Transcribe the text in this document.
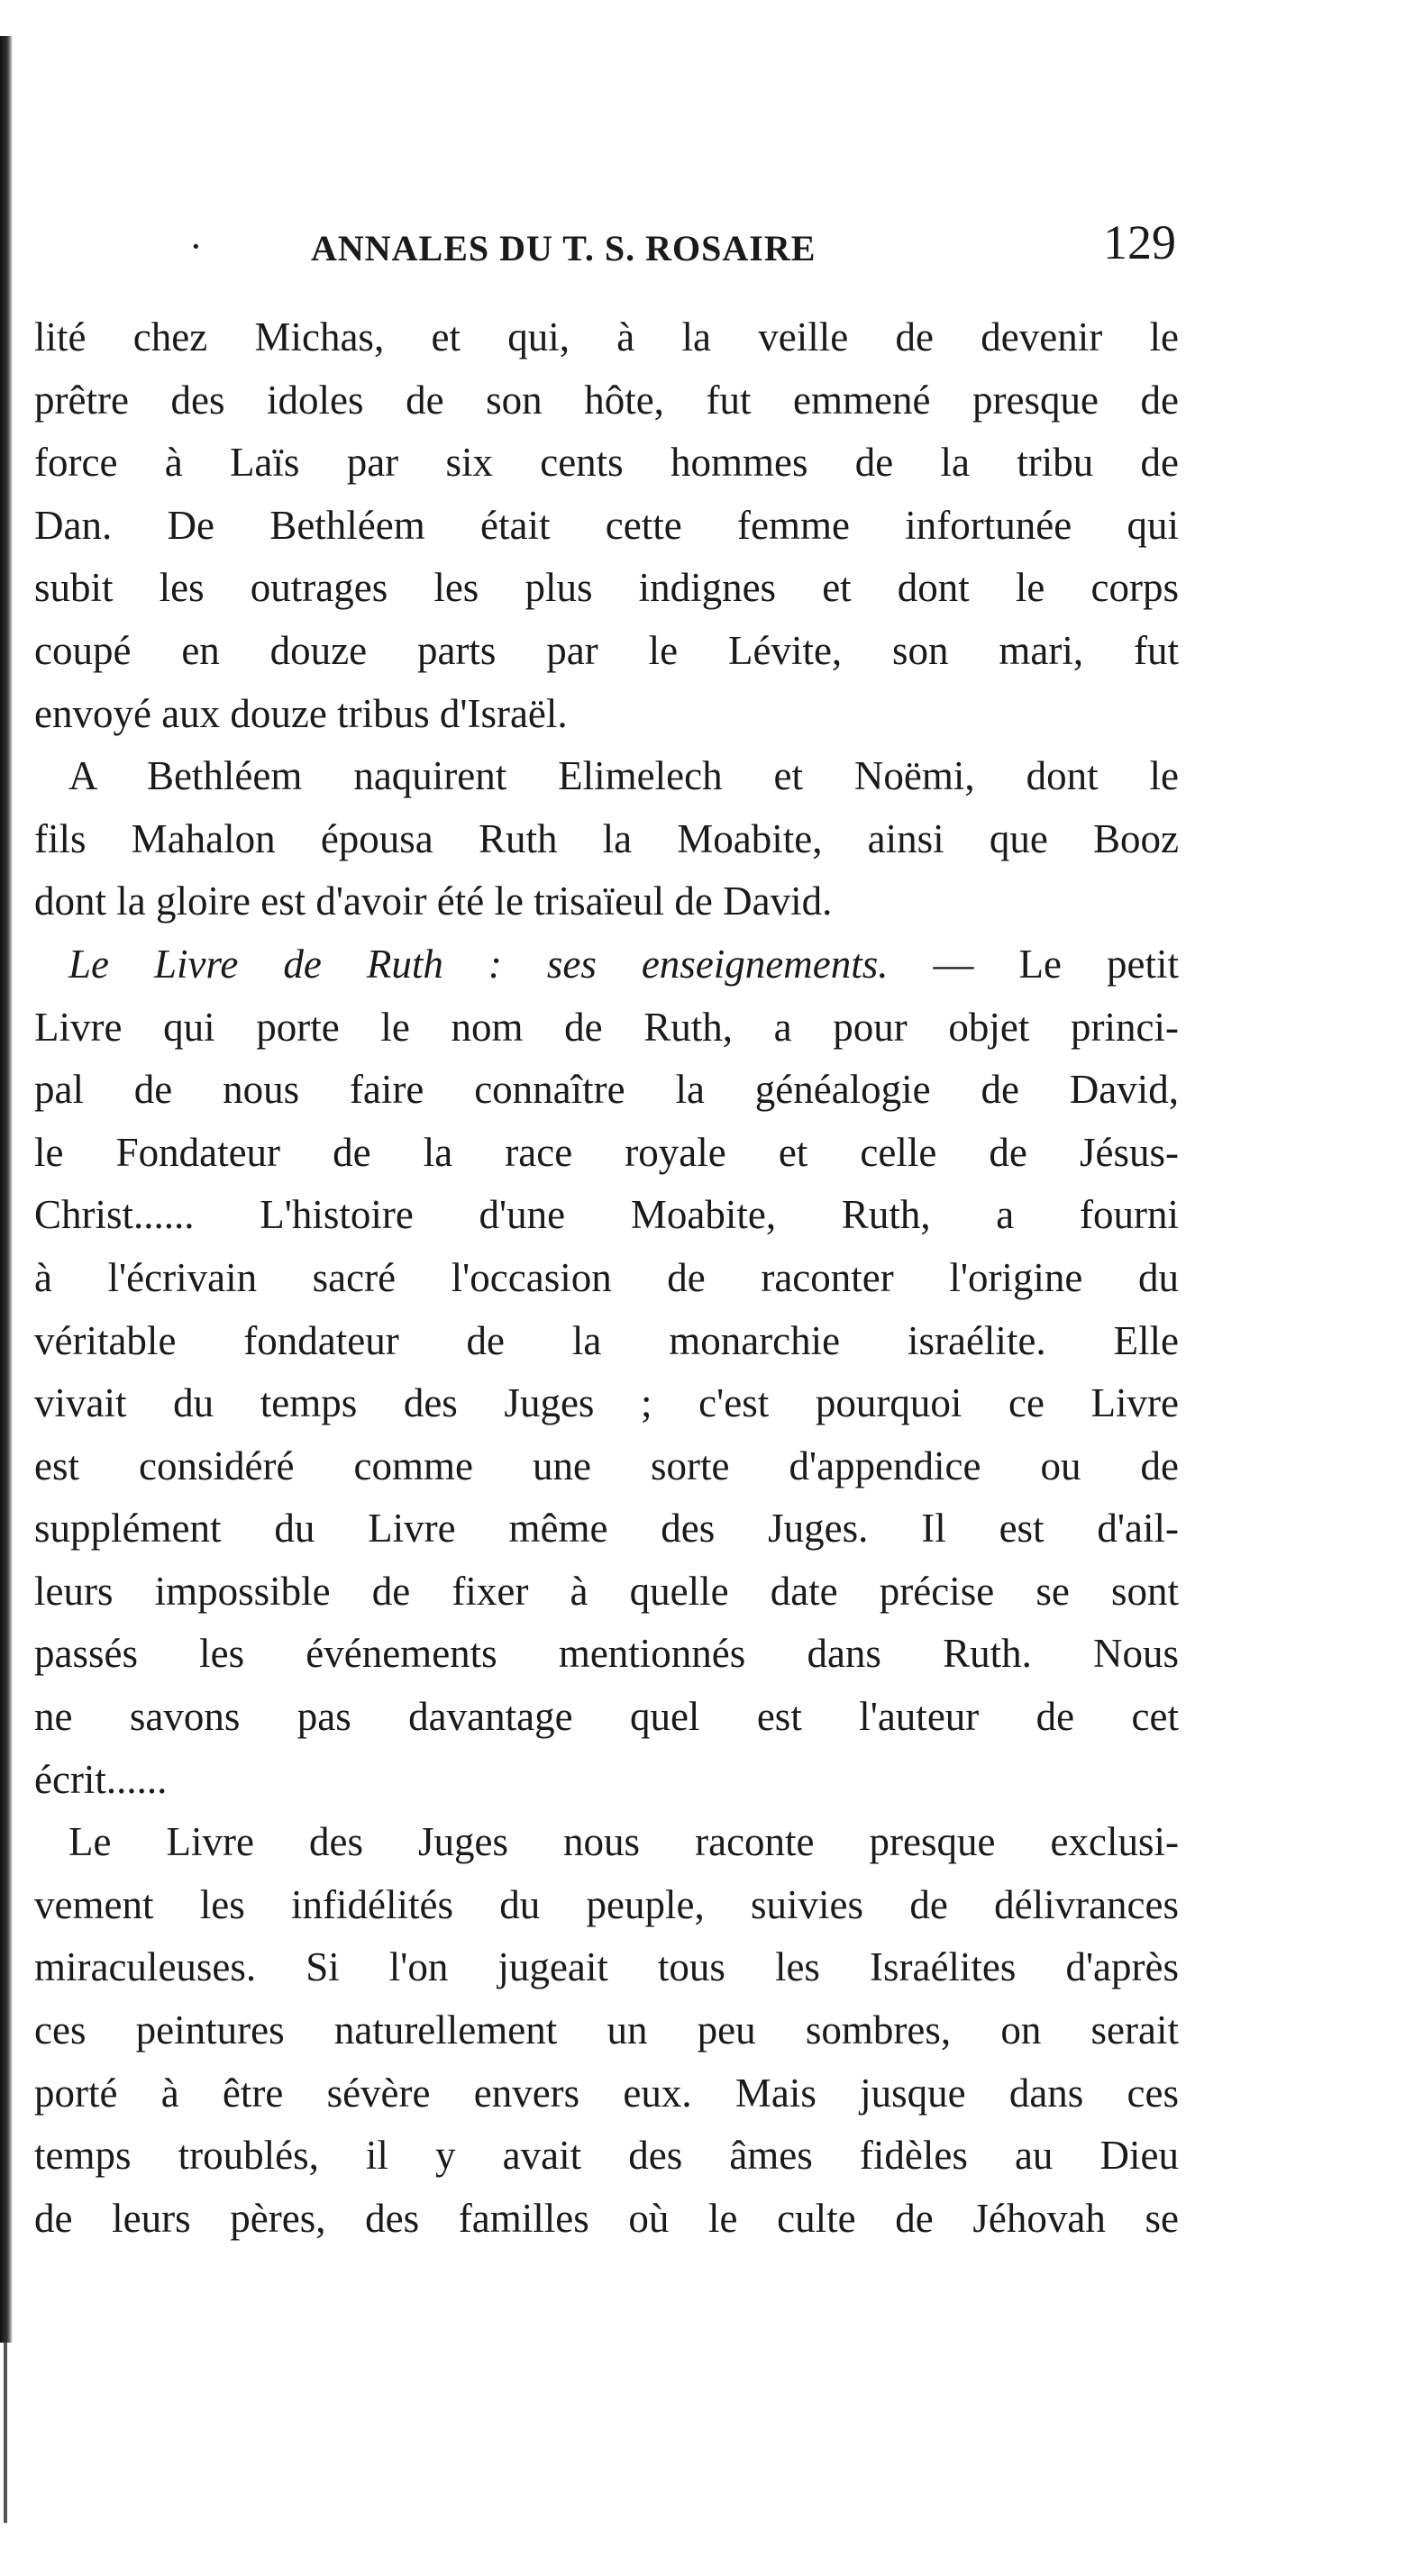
·	ANNALES DU T. S. ROSAIRE	129
lité chez Michas, et qui, à la veille de devenir le
prêtre des idoles de son hôte, fut emmené presque de
force à Laïs par six cents hommes de la tribu de
Dan. De Bethléem était cette femme infortunée qui
subit les outrages les plus indignes et dont le corps
coupé en douze parts par le Lévite, son mari, fut
envoyé aux douze tribus d'Israël.
A Bethléem naquirent Elimelech et Noëmi, dont le
fils Mahalon épousa Ruth la Moabite, ainsi que Booz
dont la gloire est d'avoir été le trisaïeul de David.
Le Livre de Ruth : ses enseignements. — Le petit
Livre qui porte le nom de Ruth, a pour objet princi-
pal de nous faire connaître la généalogie de David,
le Fondateur de la race royale et celle de Jésus-
Christ...... L'histoire d'une Moabite, Ruth, a fourni
à l'écrivain sacré l'occasion de raconter l'origine du
véritable fondateur de la monarchie israélite. Elle
vivait du temps des Juges ; c'est pourquoi ce Livre
est considéré comme une sorte d'appendice ou de
supplément du Livre même des Juges. Il est d'ail-
leurs impossible de fixer à quelle date précise se sont
passés les événements mentionnés dans Ruth. Nous
ne savons pas davantage quel est l'auteur de cet
écrit......
Le Livre des Juges nous raconte presque exclusi-
vement les infidélités du peuple, suivies de délivrances
miraculeuses. Si l'on jugeait tous les Israélites d'après
ces peintures naturellement un peu sombres, on serait
porté à être sévère envers eux. Mais jusque dans ces
temps troublés, il y avait des âmes fidèles au Dieu
de leurs pères, des familles où le culte de Jéhovah se
